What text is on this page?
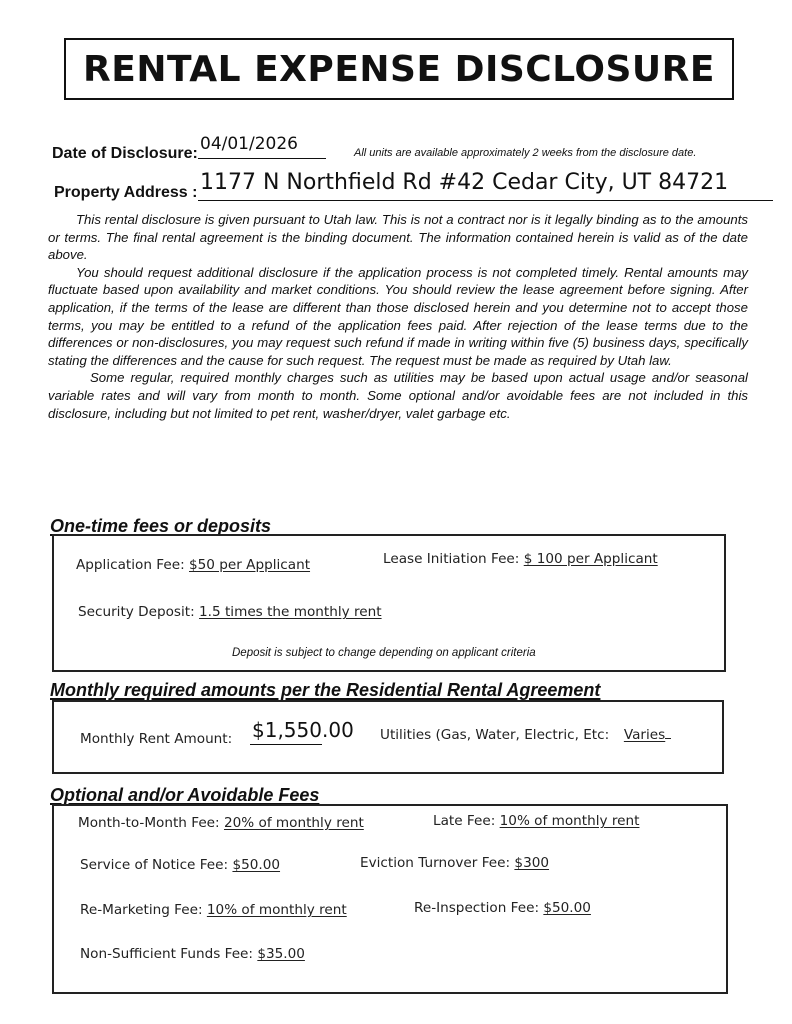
RENTAL EXPENSE DISCLOSURE
Date of Disclosure: 04/01/2026	All units are available approximately 2 weeks from the disclosure date.
Property Address : 1177 N Northfield Rd #42 Cedar City, UT 84721

This rental disclosure is given pursuant to Utah law. This is not a contract nor is it legally binding as to the amounts or terms. The final rental agreement is the binding document. The information contained herein is valid as of the date above.

You should request additional disclosure if the application process is not completed timely. Rental amounts may fluctuate based upon availability and market conditions. You should review the lease agreement before signing. After application, if the terms of the lease are different than those disclosed herein and you determine not to accept those terms, you may be entitled to a refund of the application fees paid. After rejection of the lease terms due to the differences or non-disclosures, you may request such refund if made in writing within five (5) business days, specifically stating the differences and the cause for such request. The request must be made as required by Utah law.

Some regular, required monthly charges such as utilities may be based upon actual usage and/or seasonal variable rates and will vary from month to month. Some optional and/or avoidable fees are not included in this disclosure, including but not limited to pet rent, washer/dryer, valet garbage etc.

One-time fees or deposits
Application Fee: $50 per Applicant	Lease Initiation Fee: $ 100 per Applicant
Security Deposit: 1.5 times the monthly rent
Deposit is subject to change depending on applicant criteria
Monthly required amounts per the Residential Rental Agreement
Monthly Rent Amount: $1,550.00 Utilities (Gas, Water, Electric, Etc: Varies
Optional and/or Avoidable Fees
Month-to-Month Fee: 20% of monthly rent	Late Fee: 10% of monthly rent
Service of Notice Fee: $50.00	Eviction Turnover Fee: $300
Re-Marketing Fee: 10% of monthly rent	Re-Inspection Fee: $50.00
Non-Sufficient Funds Fee: $35.00
